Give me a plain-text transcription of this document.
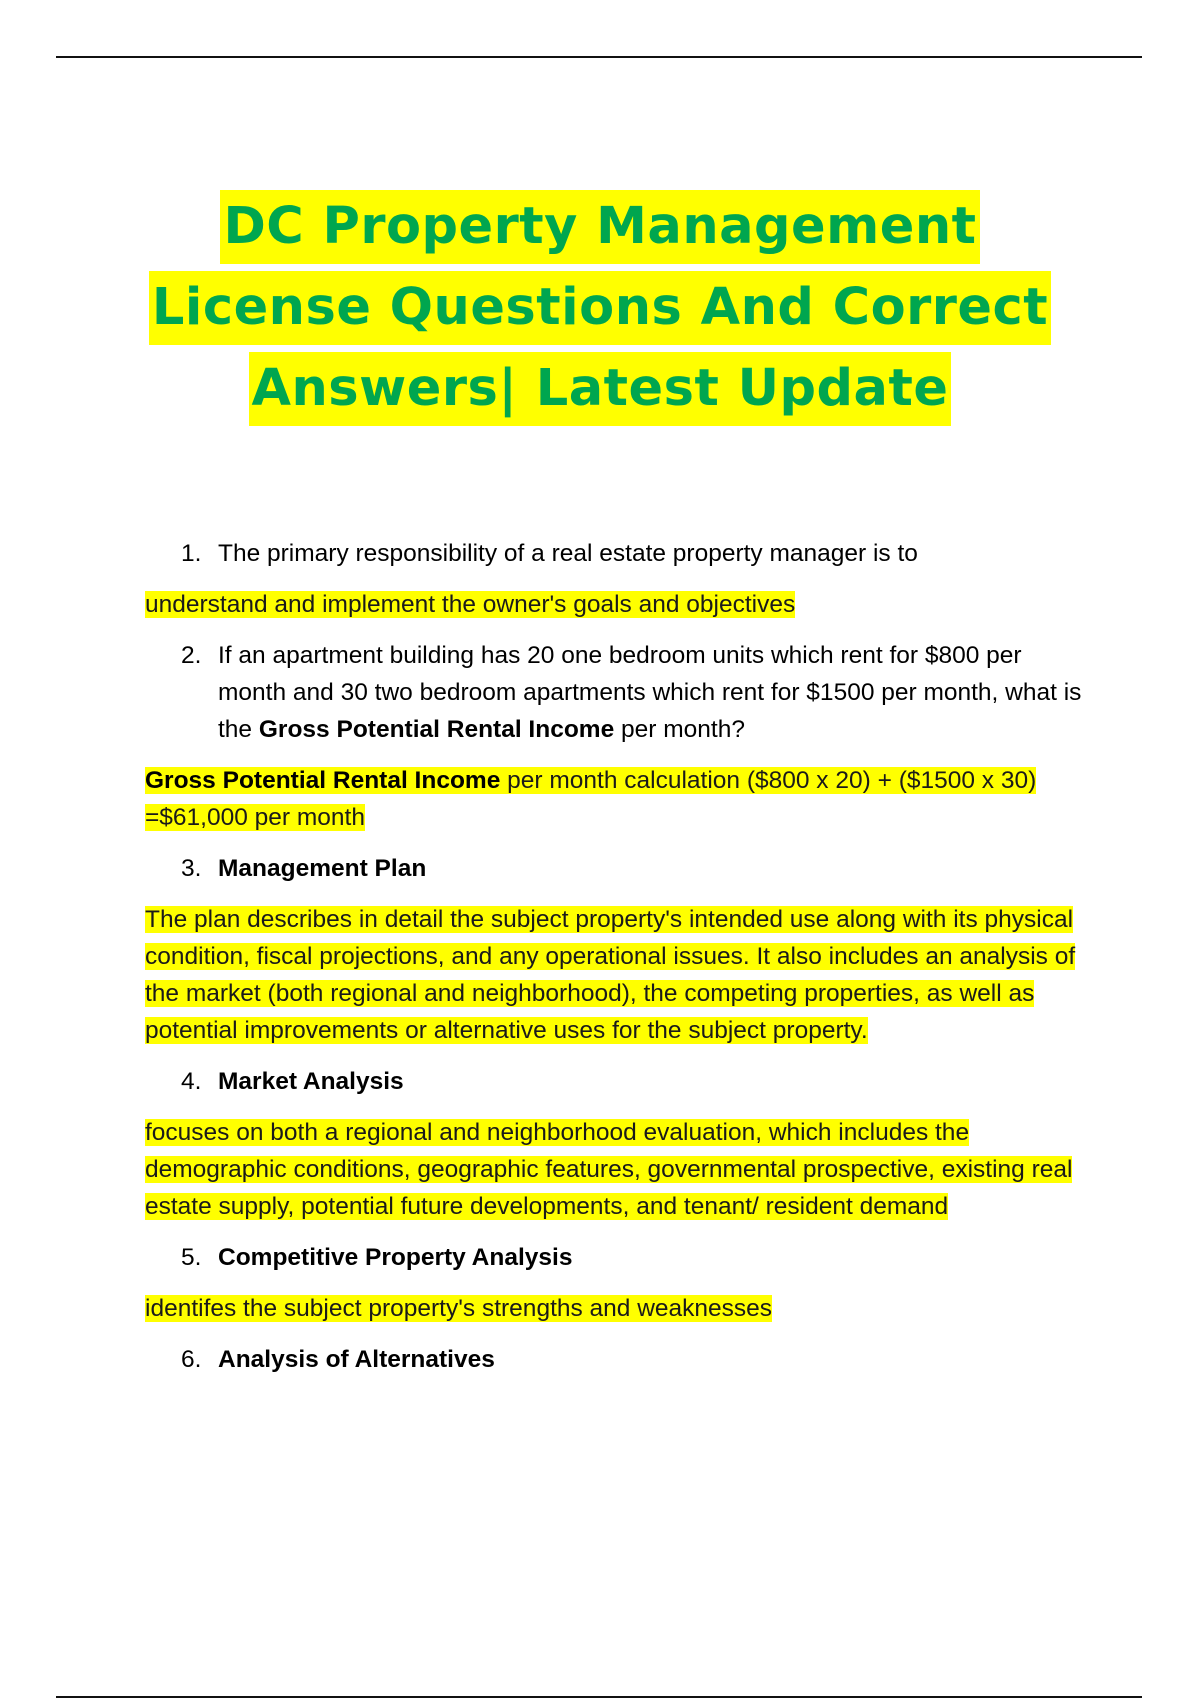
DC Property Management
License Questions And Correct
Answers| Latest Update
1. The primary responsibility of a real estate property manager is to
understand and implement the owner's goals and objectives
2. If an apartment building has 20 one bedroom units which rent for $800 per month and 30 two bedroom apartments which rent for $1500 per month, what is the Gross Potential Rental Income per month?
Gross Potential Rental Income per month calculation ($800 x 20) + ($1500 x 30) =$61,000 per month
3. Management Plan
The plan describes in detail the subject property's intended use along with its physical condition, fiscal projections, and any operational issues. It also includes an analysis of the market (both regional and neighborhood), the competing properties, as well as potential improvements or alternative uses for the subject property.
4. Market Analysis
focuses on both a regional and neighborhood evaluation, which includes the demographic conditions, geographic features, governmental prospective, existing real estate supply, potential future developments, and tenant/ resident demand
5. Competitive Property Analysis
identifes the subject property's strengths and weaknesses
6. Analysis of Alternatives
